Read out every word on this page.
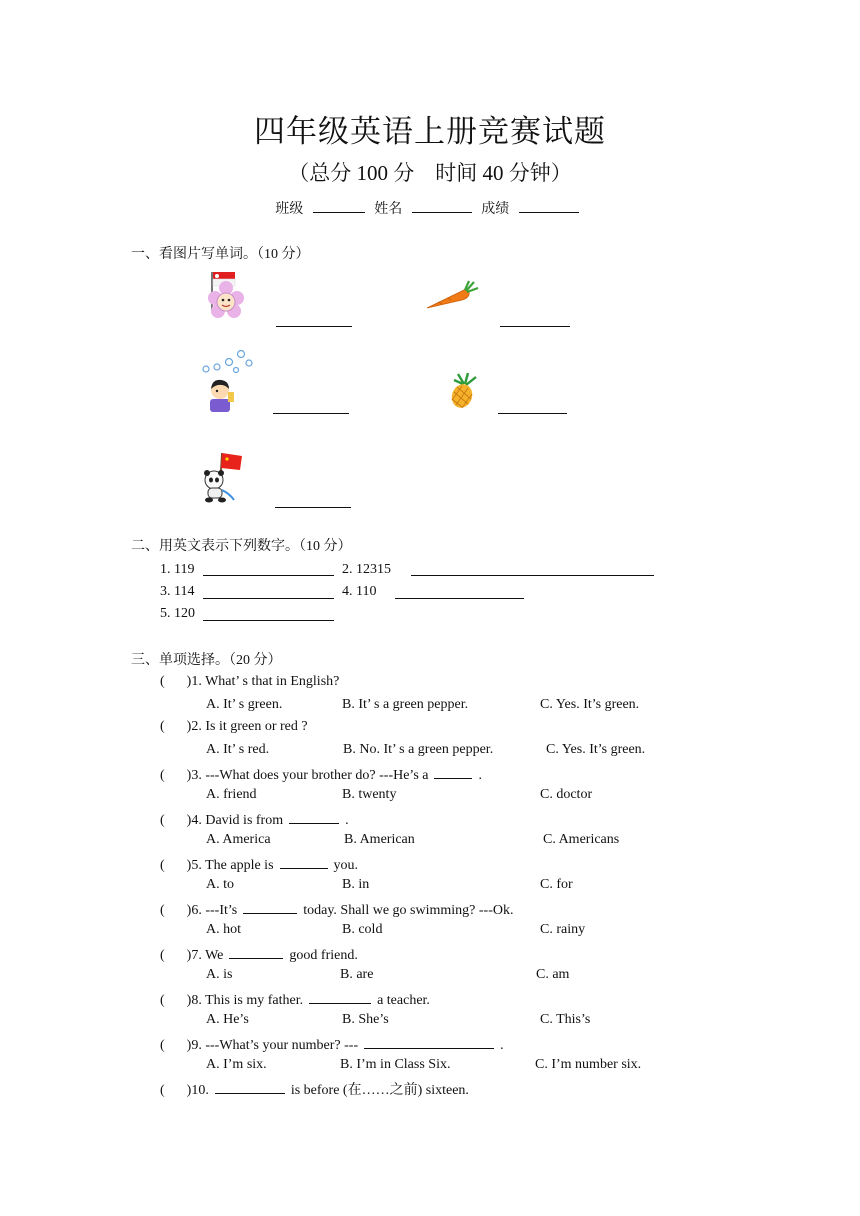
四年级英语上册竞赛试题
（总分 100 分　时间 40 分钟）
班级	姓名	成绩
一、看图片写单词。（10 分）
二、用英文表示下列数字。（10 分）
1. 119	2. 12315
3. 114	4. 110
5. 120
三、单项选择。（20 分）
( )1. What’ s that in English?
A. It’ s green.	B. It’ s a green pepper.	C. Yes. It’s green.
( )2. Is it green or red ?
A. It’ s red.	B. No. It’ s a green pepper.	C. Yes. It’s green.
( )3. ---What does your brother do? ---He’s a	.
A. friend	B. twenty	C. doctor
( )4. David is from	.
A. America	B. American	C. Americans
( )5. The apple is	you.
A. to	B. in	C. for
( )6. ---It’s	today. Shall we go swimming? ---Ok.
A. hot	B. cold	C. rainy
( )7. We	good friend.
A. is	B. are	C. am
( )8. This is my father.	a teacher.
A. He’s	B. She’s	C. This’s
( )9. ---What’s your number? ---	.
A. I’m six.	B. I’m in Class Six.	C. I’m number six.
( )10.	is before (在……之前) sixteen.
